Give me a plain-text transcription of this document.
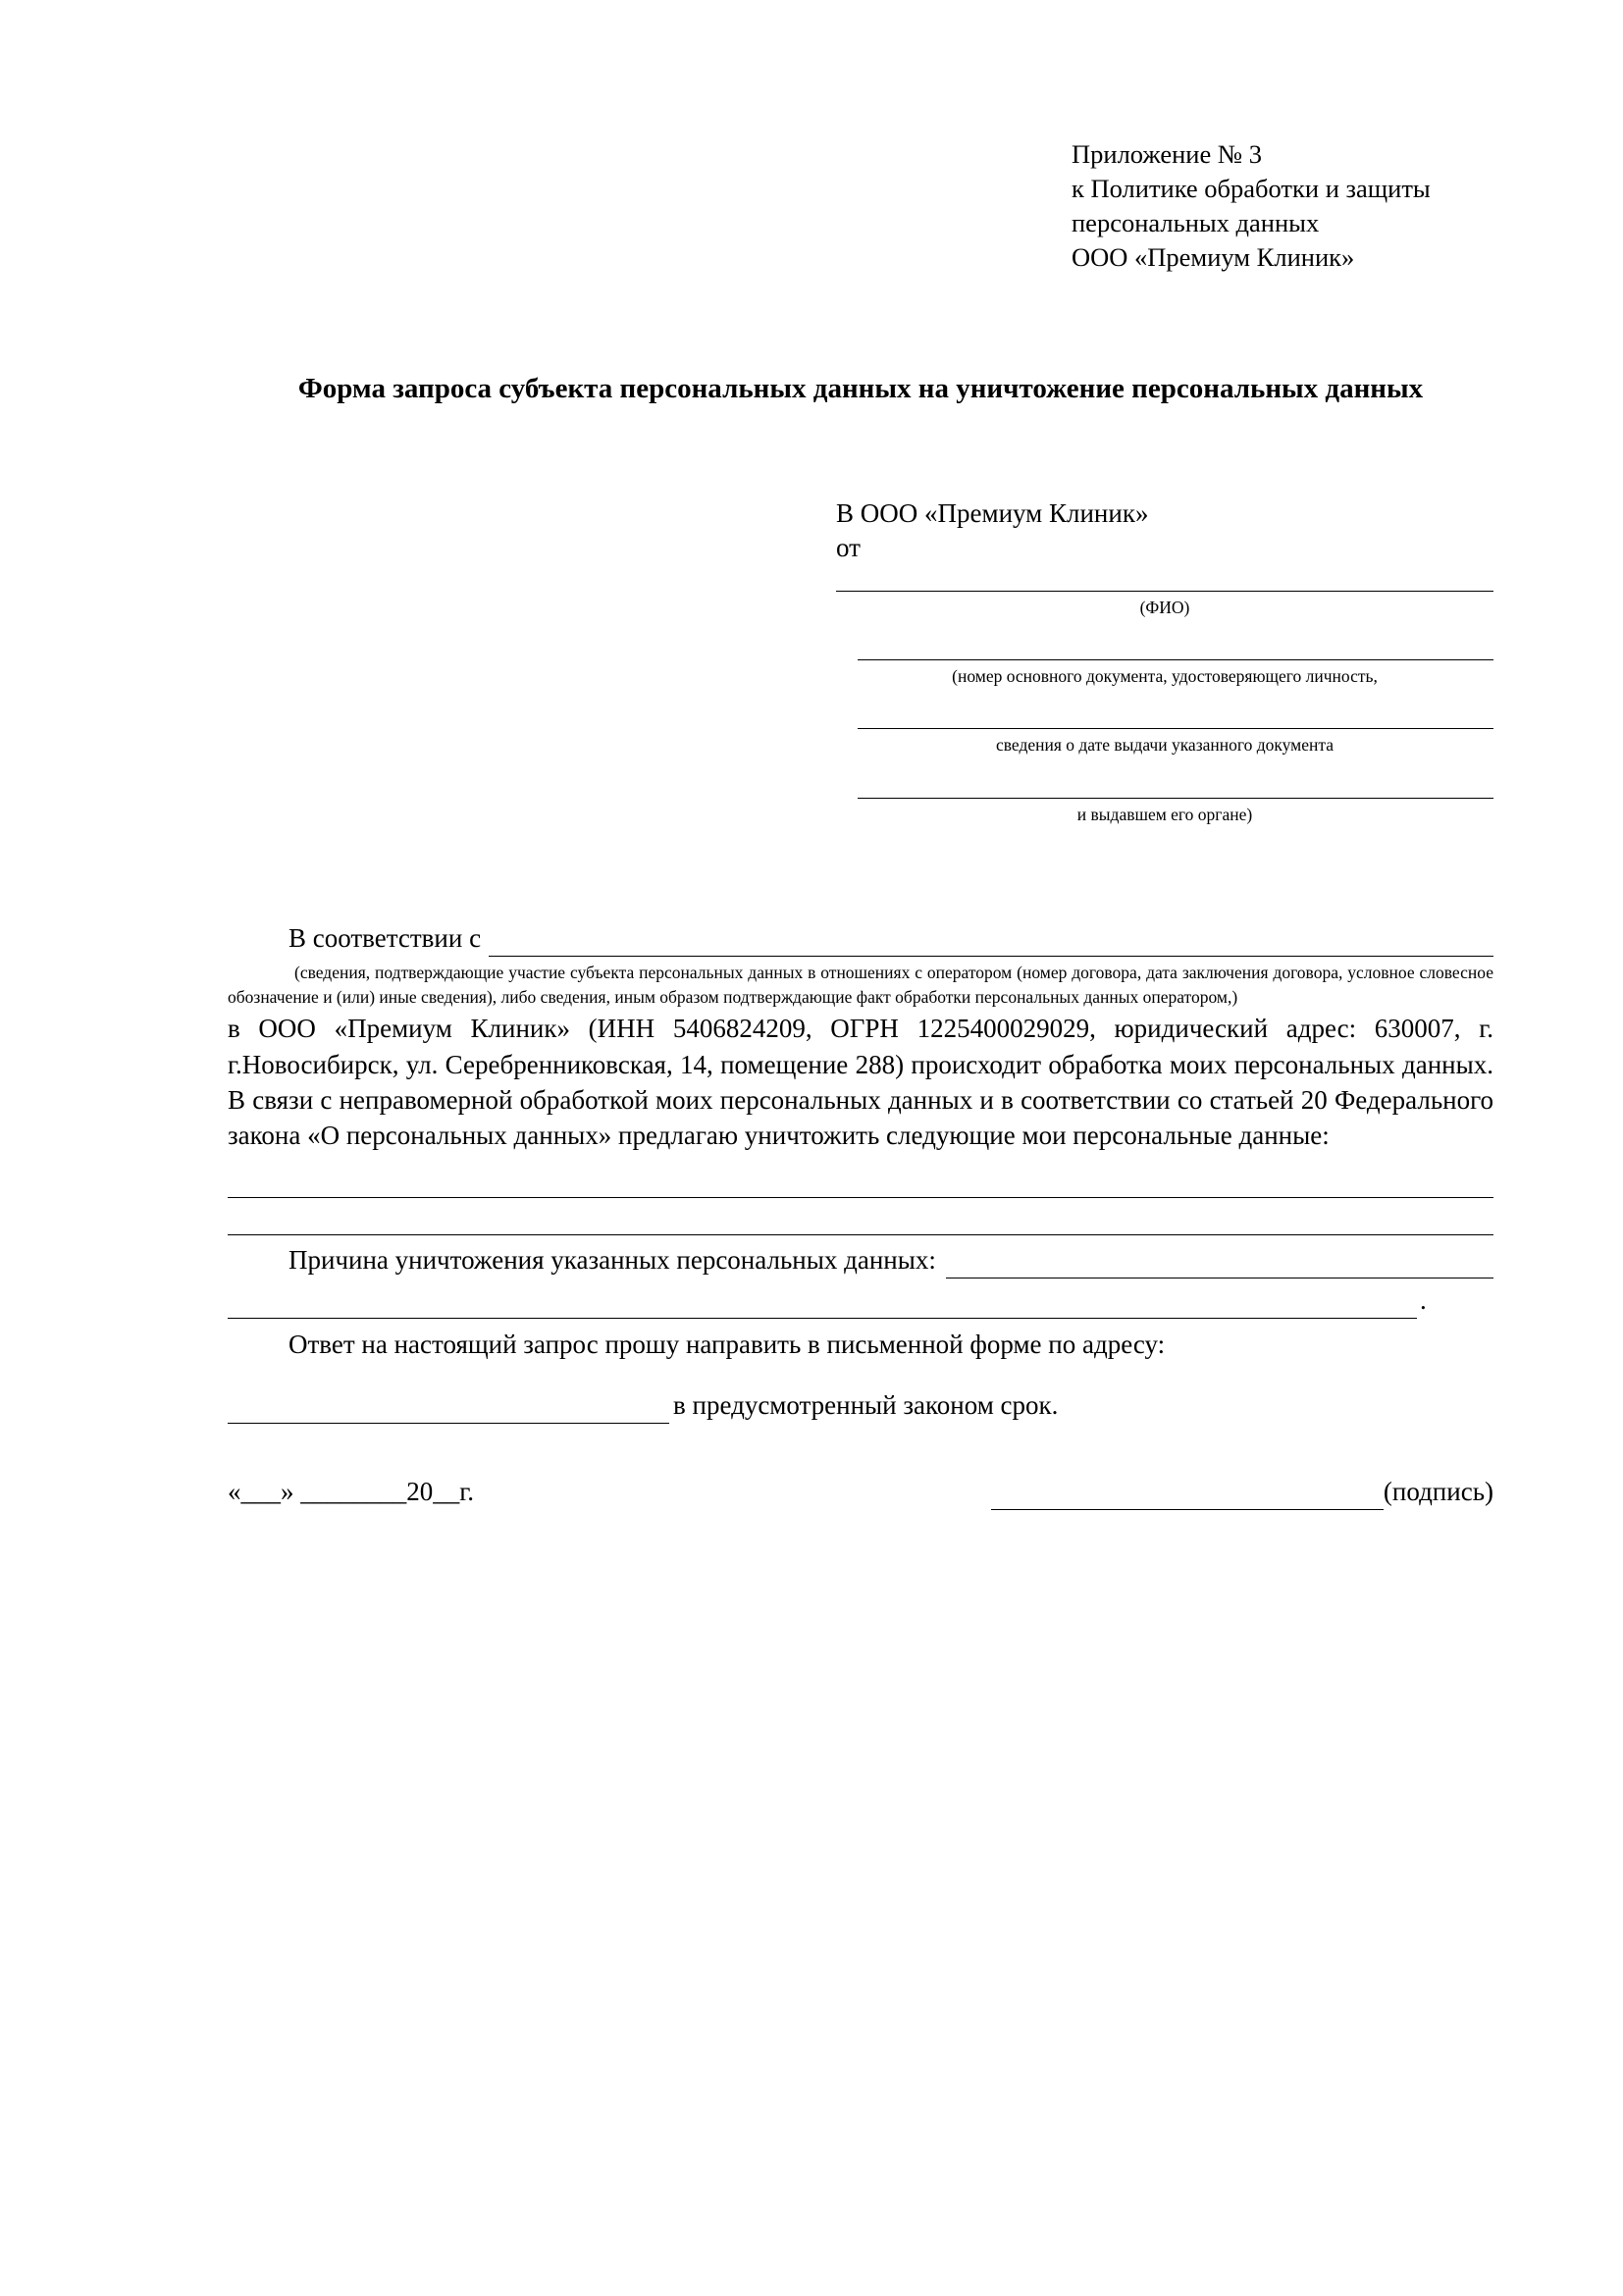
Приложение № 3
к Политике обработки и защиты
персональных данных
ООО «Премиум Клиник»
Форма запроса субъекта персональных данных на уничтожение персональных данных
В ООО «Премиум Клиник»
от
(ФИО)
(номер основного документа, удостоверяющего личность,
сведения о дате выдачи указанного документа
и выдавшем его органе)
В соответствии с
(сведения, подтверждающие участие субъекта персональных данных в отношениях с оператором (номер договора, дата заключения договора, условное словесное обозначение и (или) иные сведения), либо сведения, иным образом подтверждающие факт обработки персональных данных оператором,)

в ООО «Премиум Клиник» (ИНН 5406824209, ОГРН 1225400029029, юридический адрес: 630007, г. г.Новосибирск, ул. Серебренниковская, 14, помещение 288) происходит обработка моих персональных данных. В связи с неправомерной обработкой моих персональных данных и в соответствии со статьей 20 Федерального закона «О персональных данных» предлагаю уничтожить следующие мои персональные данные:

Причина уничтожения указанных персональных данных:
.

Ответ на настоящий запрос прошу направить в письменной форме по адресу:

в предусмотренный законом срок.
«___» ________20__г.	(подпись)
